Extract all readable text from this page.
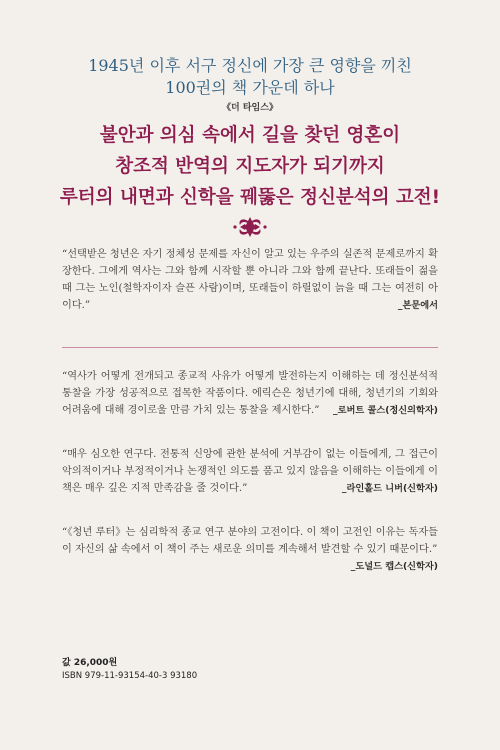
1945년 이후 서구 정신에 가장 큰 영향을 끼친
100권의 책 가운데 하나
《더 타임스》
불안과 의심 속에서 길을 찾던 영혼이
창조적 반역의 지도자가 되기까지
루터의 내면과 신학을 꿰뚫은 정신분석의 고전!
“선택받은 청년은 자기 정체성 문제를 자신이 알고 있는 우주의 실존적 문제로까지 확장한다. 그에게 역사는 그와 함께 시작할 뿐 아니라 그와 함께 끝난다. 또래들이 젊을 때 그는 노인(철학자이자 슬픈 사람)이며, 또래들이 하릴없이 늙을 때 그는 여전히 아이다.”	_본문에서
“역사가 어떻게 전개되고 종교적 사유가 어떻게 발전하는지 이해하는 데 정신분석적 통찰을 가장 성공적으로 접목한 작품이다. 에릭슨은 청년기에 대해, 청년기의 기회와 어려움에 대해 경이로울 만큼 가치 있는 통찰을 제시한다.” _로버트 콜스(정신의학자)
“매우 심오한 연구다. 전통적 신앙에 관한 분석에 거부감이 없는 이들에게, 그 접근이 악의적이거나 부정적이거나 논쟁적인 의도를 품고 있지 않음을 이해하는 이들에게 이 책은 매우 깊은 지적 만족감을 줄 것이다.”	_라인홀드 니버(신학자)
“《청년 루터》는 심리학적 종교 연구 분야의 고전이다. 이 책이 고전인 이유는 독자들이 자신의 삶 속에서 이 책이 주는 새로운 의미를 계속해서 발견할 수 있기 때문이다.”
_도널드 캡스(신학자)
값 26,000원
ISBN 979-11-93154-40-3 93180
